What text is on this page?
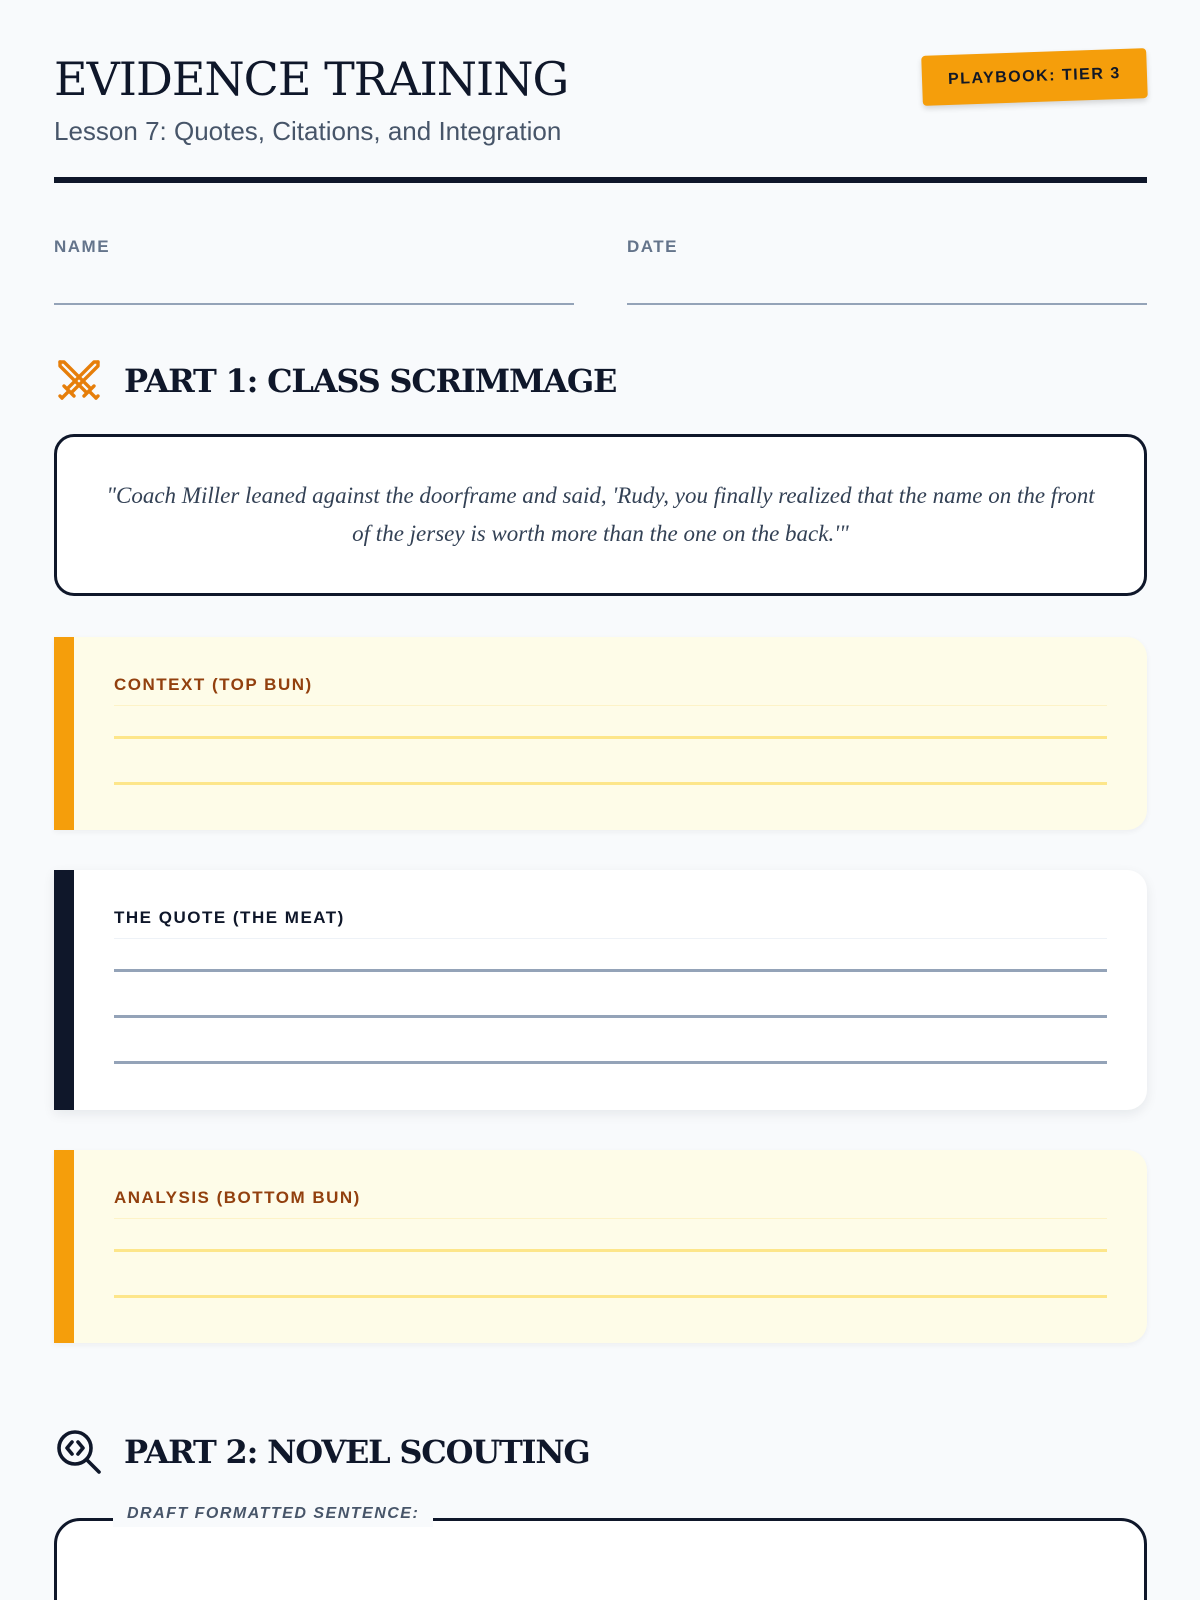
EVIDENCE TRAINING
Lesson 7: Quotes, Citations, and Integration
PLAYBOOK: TIER 3
NAME	DATE
PART 1: CLASS SCRIMMAGE

"Coach Miller leaned against the doorframe and said, 'Rudy, you finally realized that the name on the front of the jersey is worth more than the one on the back.'"

CONTEXT (TOP BUN)
THE QUOTE (THE MEAT)
ANALYSIS (BOTTOM BUN)
PART 2: NOVEL SCOUTING
DRAFT FORMATTED SENTENCE:
